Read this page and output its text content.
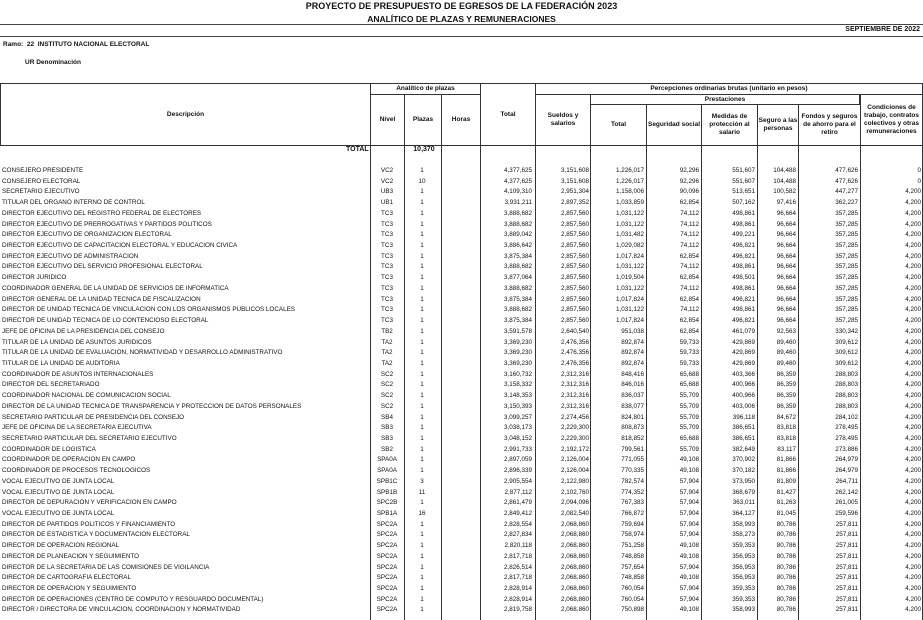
PROYECTO DE PRESUPUESTO DE EGRESOS DE LA FEDERACIÓN 2023
ANALÍTICO DE PLAZAS Y REMUNERACIONES
SEPTIEMBRE DE 2022
Ramo: 22 INSTITUTO NACIONAL ELECTORAL
UR Denominación
Descripción
Analítico de plazas
Nivel	Plazas	Horas
Total
Percepciones ordinarias brutas (unitario en pesos)
Sueldos y salarios
Prestaciones
Total	Seguridad social
Medidas de protección al salario
Seguro a las personas
Fondos y seguros de ahorro para el retiro
Condiciones de trabajo, contratos colectivos y otras remuneraciones
TOTAL	10,370
CONSEJERO PRESIDENTE	VC2	1	4,377,625	3,151,608	1,226,017	92,296	551,607	104,488	477,626	0
CONSEJERO ELECTORAL	VC2	10	4,377,625	3,151,608	1,226,017	92,296	551,607	104,488	477,626	0
SECRETARIO EJECUTIVO	UB3	1	4,109,310	2,951,304	1,158,006	90,096	513,651	100,582	447,277	4,200
TITULAR DEL ORGANO INTERNO DE CONTROL	UB1	1	3,931,211	2,897,352	1,033,859	62,854	507,162	97,416	362,227	4,200
DIRECTOR EJECUTIVO DEL REGISTRO FEDERAL DE ELECTORES	TC3	1	3,888,682	2,857,560	1,031,122	74,112	498,861	96,664	357,285	4,200
DIRECTOR EJECUTIVO DE PRERROGATIVAS Y PARTIDOS POLITICOS	TC3	1	3,888,682	2,857,560	1,031,122	74,112	498,861	96,664	357,285	4,200
DIRECTOR EJECUTIVO DE ORGANIZACION ELECTORAL	TC3	1	3,889,042	2,857,560	1,031,482	74,112	499,221	96,664	357,285	4,200
DIRECTOR EJECUTIVO DE CAPACITACION ELECTORAL Y EDUCACION CIVICA	TC3	1	3,886,642	2,857,560	1,029,082	74,112	496,821	96,664	357,285	4,200
DIRECTOR EJECUTIVO DE ADMINISTRACION	TC3	1	3,875,384	2,857,560	1,017,824	62,854	496,821	96,664	357,285	4,200
DIRECTOR EJECUTIVO DEL SERVICIO PROFESIONAL ELECTORAL	TC3	1	3,888,682	2,857,560	1,031,122	74,112	498,861	96,664	357,285	4,200
DIRECTOR JURIDICO	TC3	1	3,877,064	2,857,560	1,019,504	62,854	498,501	96,664	357,285	4,200
COORDINADOR GENERAL DE LA UNIDAD DE SERVICIOS DE INFORMATICA	TC3	1	3,888,682	2,857,560	1,031,122	74,112	498,861	96,664	357,285	4,200
DIRECTOR GENERAL DE LA UNIDAD TECNICA DE FISCALIZACION	TC3	1	3,875,384	2,857,560	1,017,824	62,854	496,821	96,664	357,285	4,200
DIRECTOR DE UNIDAD TECNICA DE VINCULACION CON LOS ORGANISMOS PUBLICOS LOCALES	TC3	1	3,888,682	2,857,560	1,031,122	74,112	498,861	96,664	357,285	4,200
DIRECTOR DE UNIDAD TECNICA DE LO CONTENCIOSO ELECTORAL	TC3	1	3,875,384	2,857,560	1,017,824	62,854	496,821	96,664	357,285	4,200
JEFE DE OFICINA DE LA PRESIDENCIA DEL CONSEJO	TB2	1	3,591,578	2,640,540	951,038	62,854	461,079	92,563	330,342	4,200
TITULAR DE LA UNIDAD DE ASUNTOS JURIDICOS	TA2	1	3,369,230	2,476,356	892,874	59,733	429,869	89,460	309,612	4,200
TITULAR DE LA UNIDAD DE EVALUACION, NORMATIVIDAD Y DESARROLLO ADMINISTRATIVO	TA2	1	3,369,230	2,476,356	892,874	59,733	429,869	89,460	309,612	4,200
TITULAR DE LA UNIDAD DE AUDITORIA	TA2	1	3,369,230	2,476,356	892,874	59,733	429,869	89,460	309,612	4,200
COORDINADOR DE ASUNTOS INTERNACIONALES	SC2	1	3,160,732	2,312,316	848,416	65,688	403,366	86,359	288,803	4,200
DIRECTOR DEL SECRETARIADO	SC2	1	3,158,332	2,312,316	846,016	65,688	400,966	86,359	288,803	4,200
COORDINADOR NACIONAL DE COMUNICACION SOCIAL	SC2	1	3,148,353	2,312,316	836,037	55,709	400,966	86,359	288,803	4,200
DIRECTOR DE LA UNIDAD TECNICA DE TRANSPARENCIA Y PROTECCION DE DATOS PERSONALES	SC2	1	3,150,393	2,312,316	838,077	55,709	403,006	86,359	288,803	4,200
SECRETARIO PARTICULAR DE PRESIDENCIA DEL CONSEJO	SB4	1	3,099,257	2,274,456	824,801	55,709	396,118	84,672	284,102	4,200
JEFE DE OFICINA DE LA SECRETARIA EJECUTIVA	SB3	1	3,038,173	2,229,300	808,873	55,709	386,651	83,818	278,495	4,200
SECRETARIO PARTICULAR DEL SECRETARIO EJECUTIVO	SB3	1	3,048,152	2,229,300	818,852	65,688	386,651	83,818	278,495	4,200
COORDINADOR DE LOGISTICA	SB2	1	2,991,733	2,192,172	799,561	55,709	382,649	83,117	273,886	4,200
COORDINADOR DE OPERACION EN CAMPO	SPA0A	1	2,897,059	2,126,004	771,055	49,108	370,902	81,866	264,979	4,200
COORDINADOR DE PROCESOS TECNOLOGICOS	SPA0A	1	2,896,339	2,126,004	770,335	49,108	370,182	81,866	264,979	4,200
VOCAL EJECUTIVO DE JUNTA LOCAL	SPB1C	3	2,905,554	2,122,980	782,574	57,904	373,950	81,809	264,711	4,200
VOCAL EJECUTIVO DE JUNTA LOCAL	SPB1B	11	2,877,112	2,102,760	774,352	57,904	368,679	81,427	262,142	4,200
DIRECTOR DE DEPURACION Y VERIFICACION EN CAMPO	SPC2B	1	2,861,479	2,094,096	767,383	57,904	363,011	81,263	261,005	4,200
VOCAL EJECUTIVO DE JUNTA LOCAL	SPB1A	16	2,849,412	2,082,540	766,872	57,904	364,127	81,045	259,596	4,200
DIRECTOR DE PARTIDOS POLITICOS Y FINANCIAMIENTO	SPC2A	1	2,828,554	2,068,860	759,694	57,904	358,993	80,786	257,811	4,200
DIRECTOR DE ESTADISTICA Y DOCUMENTACION ELECTORAL	SPC2A	1	2,827,834	2,068,860	758,974	57,904	358,273	80,786	257,811	4,200
DIRECTOR DE OPERACION REGIONAL	SPC2A	1	2,820,118	2,068,860	751,258	49,108	359,353	80,786	257,811	4,200
DIRECTOR DE PLANEACION Y SEGUIMIENTO	SPC2A	1	2,817,718	2,068,860	748,858	49,108	356,953	80,786	257,811	4,200
DIRECTOR DE LA SECRETARIA DE LAS COMISIONES DE VIGILANCIA	SPC2A	1	2,826,514	2,068,860	757,654	57,904	356,953	80,786	257,811	4,200
DIRECTOR DE CARTOGRAFIA ELECTORAL	SPC2A	1	2,817,718	2,068,860	748,858	49,108	356,953	80,786	257,811	4,200
DIRECTOR DE OPERACION Y SEGUIMIENTO	SPC2A	1	2,828,914	2,068,860	760,054	57,904	359,353	80,786	257,811	4,200
DIRECTOR DE OPERACIONES (CENTRO DE COMPUTO Y RESGUARDO DOCUMENTAL)	SPC2A	1	2,828,914	2,068,860	760,054	57,904	359,353	80,786	257,811	4,200
DIRECTOR / DIRECTORA DE VINCULACION, COORDINACION Y NORMATIVIDAD	SPC2A	1	2,819,758	2,068,860	750,898	49,108	358,993	80,786	257,811	4,200
